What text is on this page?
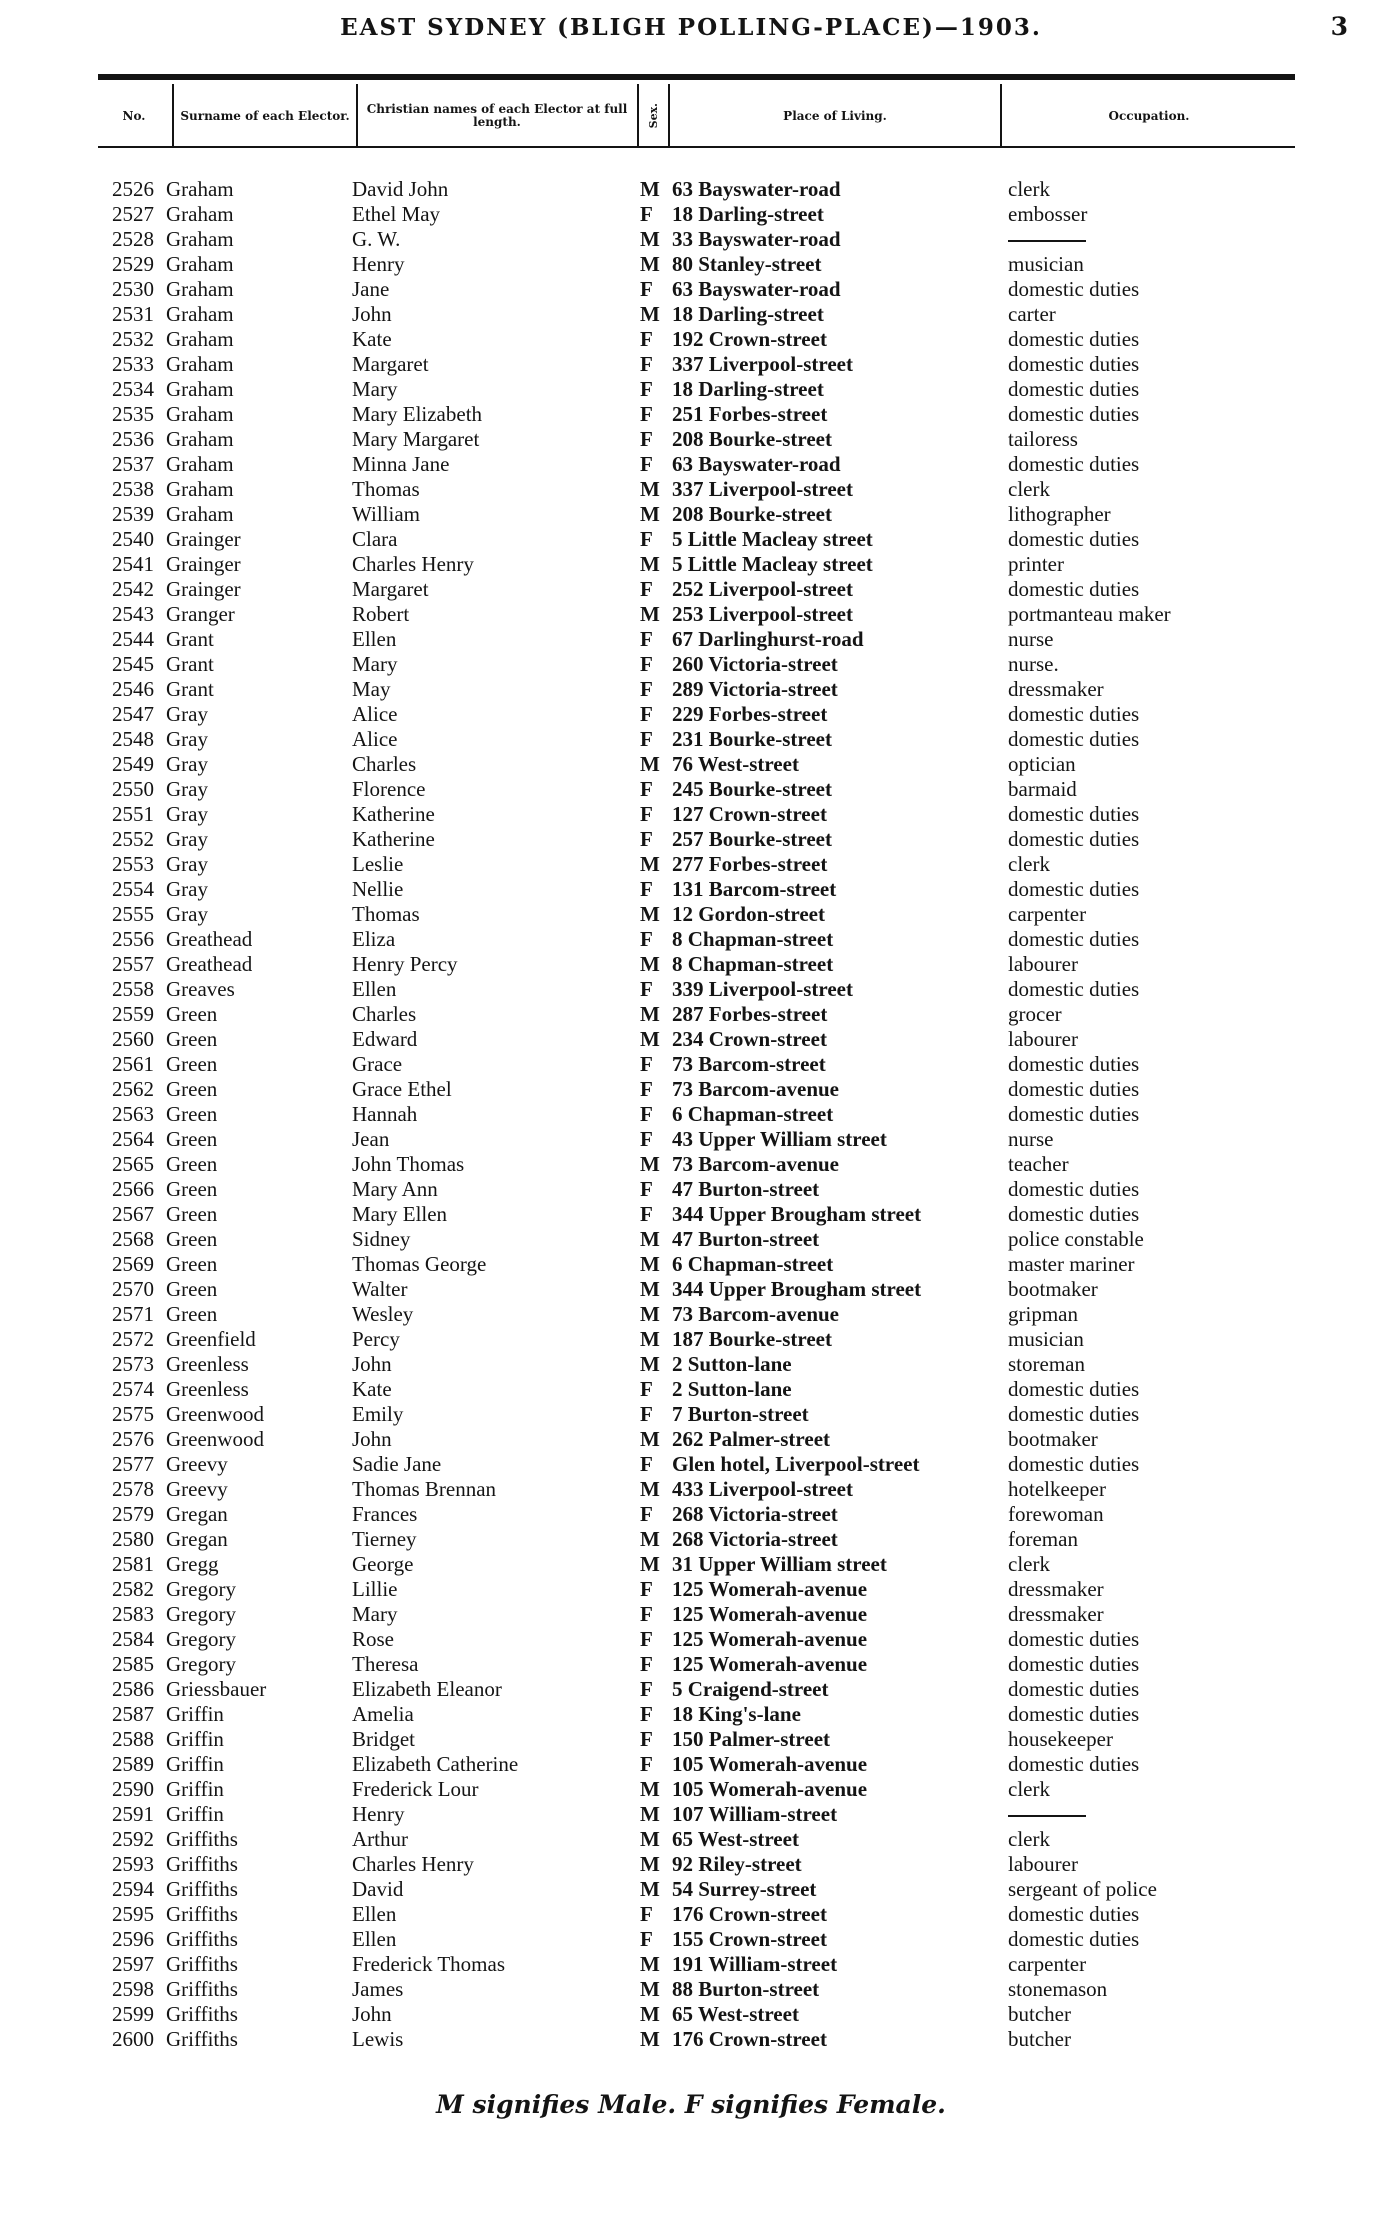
EAST SYDNEY (BLIGH POLLING-PLACE)—1903.	3
No.	Surname of each Elector.	Christian names of each Elector at full length.	Sex.	Place of Living.	Occupation.
2526 Graham	David John	M 63 Bayswater-road	clerk
2527 Graham	Ethel May	F 18 Darling-street	embosser
2528 Graham	G. W.	M 33 Bayswater-road
2529 Graham	Henry	M 80 Stanley-street	musician
2530 Graham	Jane	F 63 Bayswater-road	domestic duties
2531 Graham	John	M 18 Darling-street	carter
2532 Graham	Kate	F 192 Crown-street	domestic duties
2533 Graham	Margaret	F 337 Liverpool-street	domestic duties
2534 Graham	Mary	F 18 Darling-street	domestic duties
2535 Graham	Mary Elizabeth	F 251 Forbes-street	domestic duties
2536 Graham	Mary Margaret	F 208 Bourke-street	tailoress
2537 Graham	Minna Jane	F 63 Bayswater-road	domestic duties
2538 Graham	Thomas	M 337 Liverpool-street	clerk
2539 Graham	William	M 208 Bourke-street	lithographer
2540 Grainger	Clara	F 5 Little Macleay street	domestic duties
2541 Grainger	Charles Henry	M 5 Little Macleay street	printer
2542 Grainger	Margaret	F 252 Liverpool-street	domestic duties
2543 Granger	Robert	M 253 Liverpool-street	portmanteau maker
2544 Grant	Ellen	F 67 Darlinghurst-road	nurse
2545 Grant	Mary	F 260 Victoria-street	nurse.
2546 Grant	May	F 289 Victoria-street	dressmaker
2547 Gray	Alice	F 229 Forbes-street	domestic duties
2548 Gray	Alice	F 231 Bourke-street	domestic duties
2549 Gray	Charles	M 76 West-street	optician
2550 Gray	Florence	F 245 Bourke-street	barmaid
2551 Gray	Katherine	F 127 Crown-street	domestic duties
2552 Gray	Katherine	F 257 Bourke-street	domestic duties
2553 Gray	Leslie	M 277 Forbes-street	clerk
2554 Gray	Nellie	F 131 Barcom-street	domestic duties
2555 Gray	Thomas	M 12 Gordon-street	carpenter
2556 Greathead	Eliza	F 8 Chapman-street	domestic duties
2557 Greathead	Henry Percy	M 8 Chapman-street	labourer
2558 Greaves	Ellen	F 339 Liverpool-street	domestic duties
2559 Green	Charles	M 287 Forbes-street	grocer
2560 Green	Edward	M 234 Crown-street	labourer
2561 Green	Grace	F 73 Barcom-street	domestic duties
2562 Green	Grace Ethel	F 73 Barcom-avenue	domestic duties
2563 Green	Hannah	F 6 Chapman-street	domestic duties
2564 Green	Jean	F 43 Upper William street	nurse
2565 Green	John Thomas	M 73 Barcom-avenue	teacher
2566 Green	Mary Ann	F 47 Burton-street	domestic duties
2567 Green	Mary Ellen	F 344 Upper Brougham street	domestic duties
2568 Green	Sidney	M 47 Burton-street	police constable
2569 Green	Thomas George	M 6 Chapman-street	master mariner
2570 Green	Walter	M 344 Upper Brougham street	bootmaker
2571 Green	Wesley	M 73 Barcom-avenue	gripman
2572 Greenfield	Percy	M 187 Bourke-street	musician
2573 Greenless	John	M 2 Sutton-lane	storeman
2574 Greenless	Kate	F 2 Sutton-lane	domestic duties
2575 Greenwood	Emily	F 7 Burton-street	domestic duties
2576 Greenwood	John	M 262 Palmer-street	bootmaker
2577 Greevy	Sadie Jane	F Glen hotel, Liverpool-street	domestic duties
2578 Greevy	Thomas Brennan	M 433 Liverpool-street	hotelkeeper
2579 Gregan	Frances	F 268 Victoria-street	forewoman
2580 Gregan	Tierney	M 268 Victoria-street	foreman
2581 Gregg	George	M 31 Upper William street	clerk
2582 Gregory	Lillie	F 125 Womerah-avenue	dressmaker
2583 Gregory	Mary	F 125 Womerah-avenue	dressmaker
2584 Gregory	Rose	F 125 Womerah-avenue	domestic duties
2585 Gregory	Theresa	F 125 Womerah-avenue	domestic duties
2586 Griessbauer	Elizabeth Eleanor	F 5 Craigend-street	domestic duties
2587 Griffin	Amelia	F 18 King's-lane	domestic duties
2588 Griffin	Bridget	F 150 Palmer-street	housekeeper
2589 Griffin	Elizabeth Catherine	F 105 Womerah-avenue	domestic duties
2590 Griffin	Frederick Lour	M 105 Womerah-avenue	clerk
2591 Griffin	Henry	M 107 William-street
2592 Griffiths	Arthur	M 65 West-street	clerk
2593 Griffiths	Charles Henry	M 92 Riley-street	labourer
2594 Griffiths	David	M 54 Surrey-street	sergeant of police
2595 Griffiths	Ellen	F 176 Crown-street	domestic duties
2596 Griffiths	Ellen	F 155 Crown-street	domestic duties
2597 Griffiths	Frederick Thomas	M 191 William-street	carpenter
2598 Griffiths	James	M 88 Burton-street	stonemason
2599 Griffiths	John	M 65 West-street	butcher
2600 Griffiths	Lewis	M 176 Crown-street	butcher
M signifies Male. F signifies Female.
